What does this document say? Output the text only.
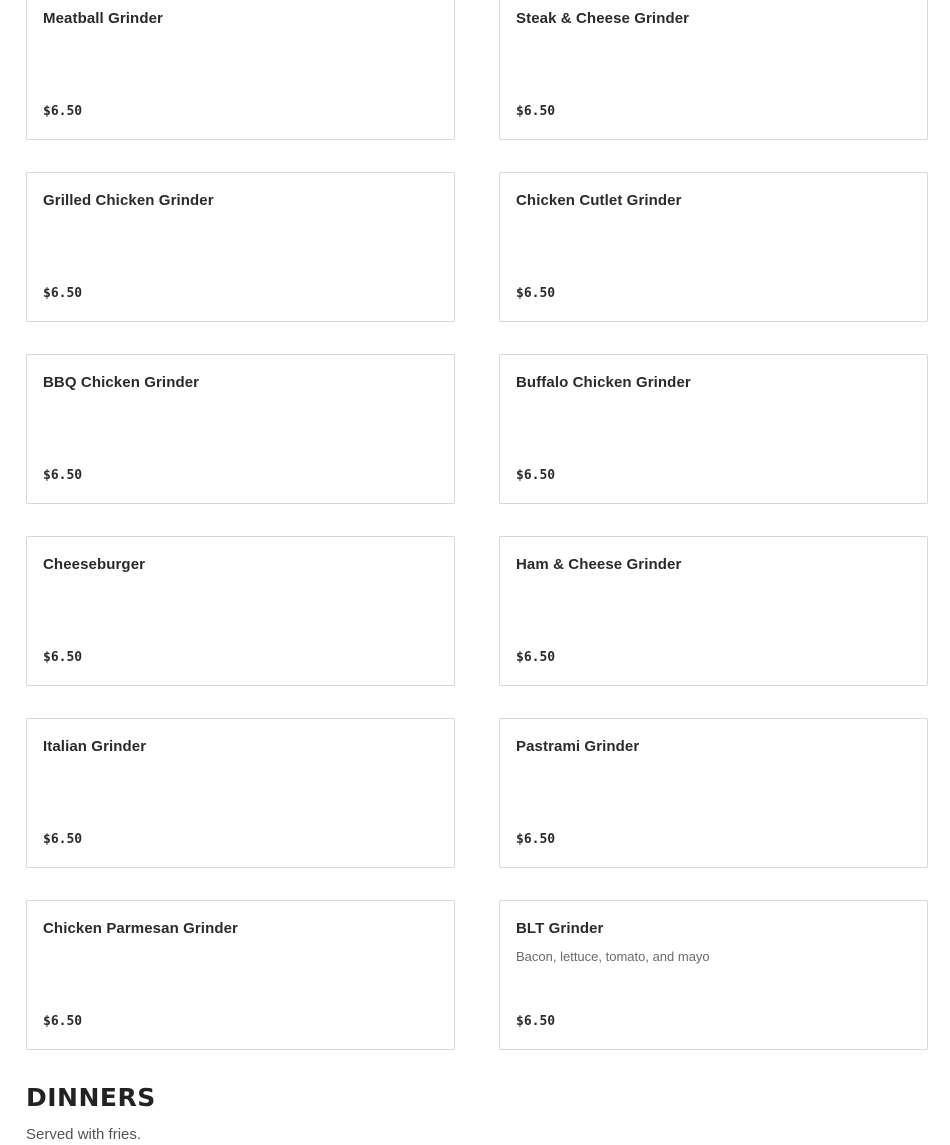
Meatball Grinder
$6.50
Steak & Cheese Grinder
$6.50
Grilled Chicken Grinder
$6.50
Chicken Cutlet Grinder
$6.50
BBQ Chicken Grinder
$6.50
Buffalo Chicken Grinder
$6.50
Cheeseburger
$6.50
Ham & Cheese Grinder
$6.50
Italian Grinder
$6.50
Pastrami Grinder
$6.50
Chicken Parmesan Grinder
$6.50
BLT Grinder
Bacon, lettuce, tomato, and mayo
$6.50
DINNERS
Served with fries.
